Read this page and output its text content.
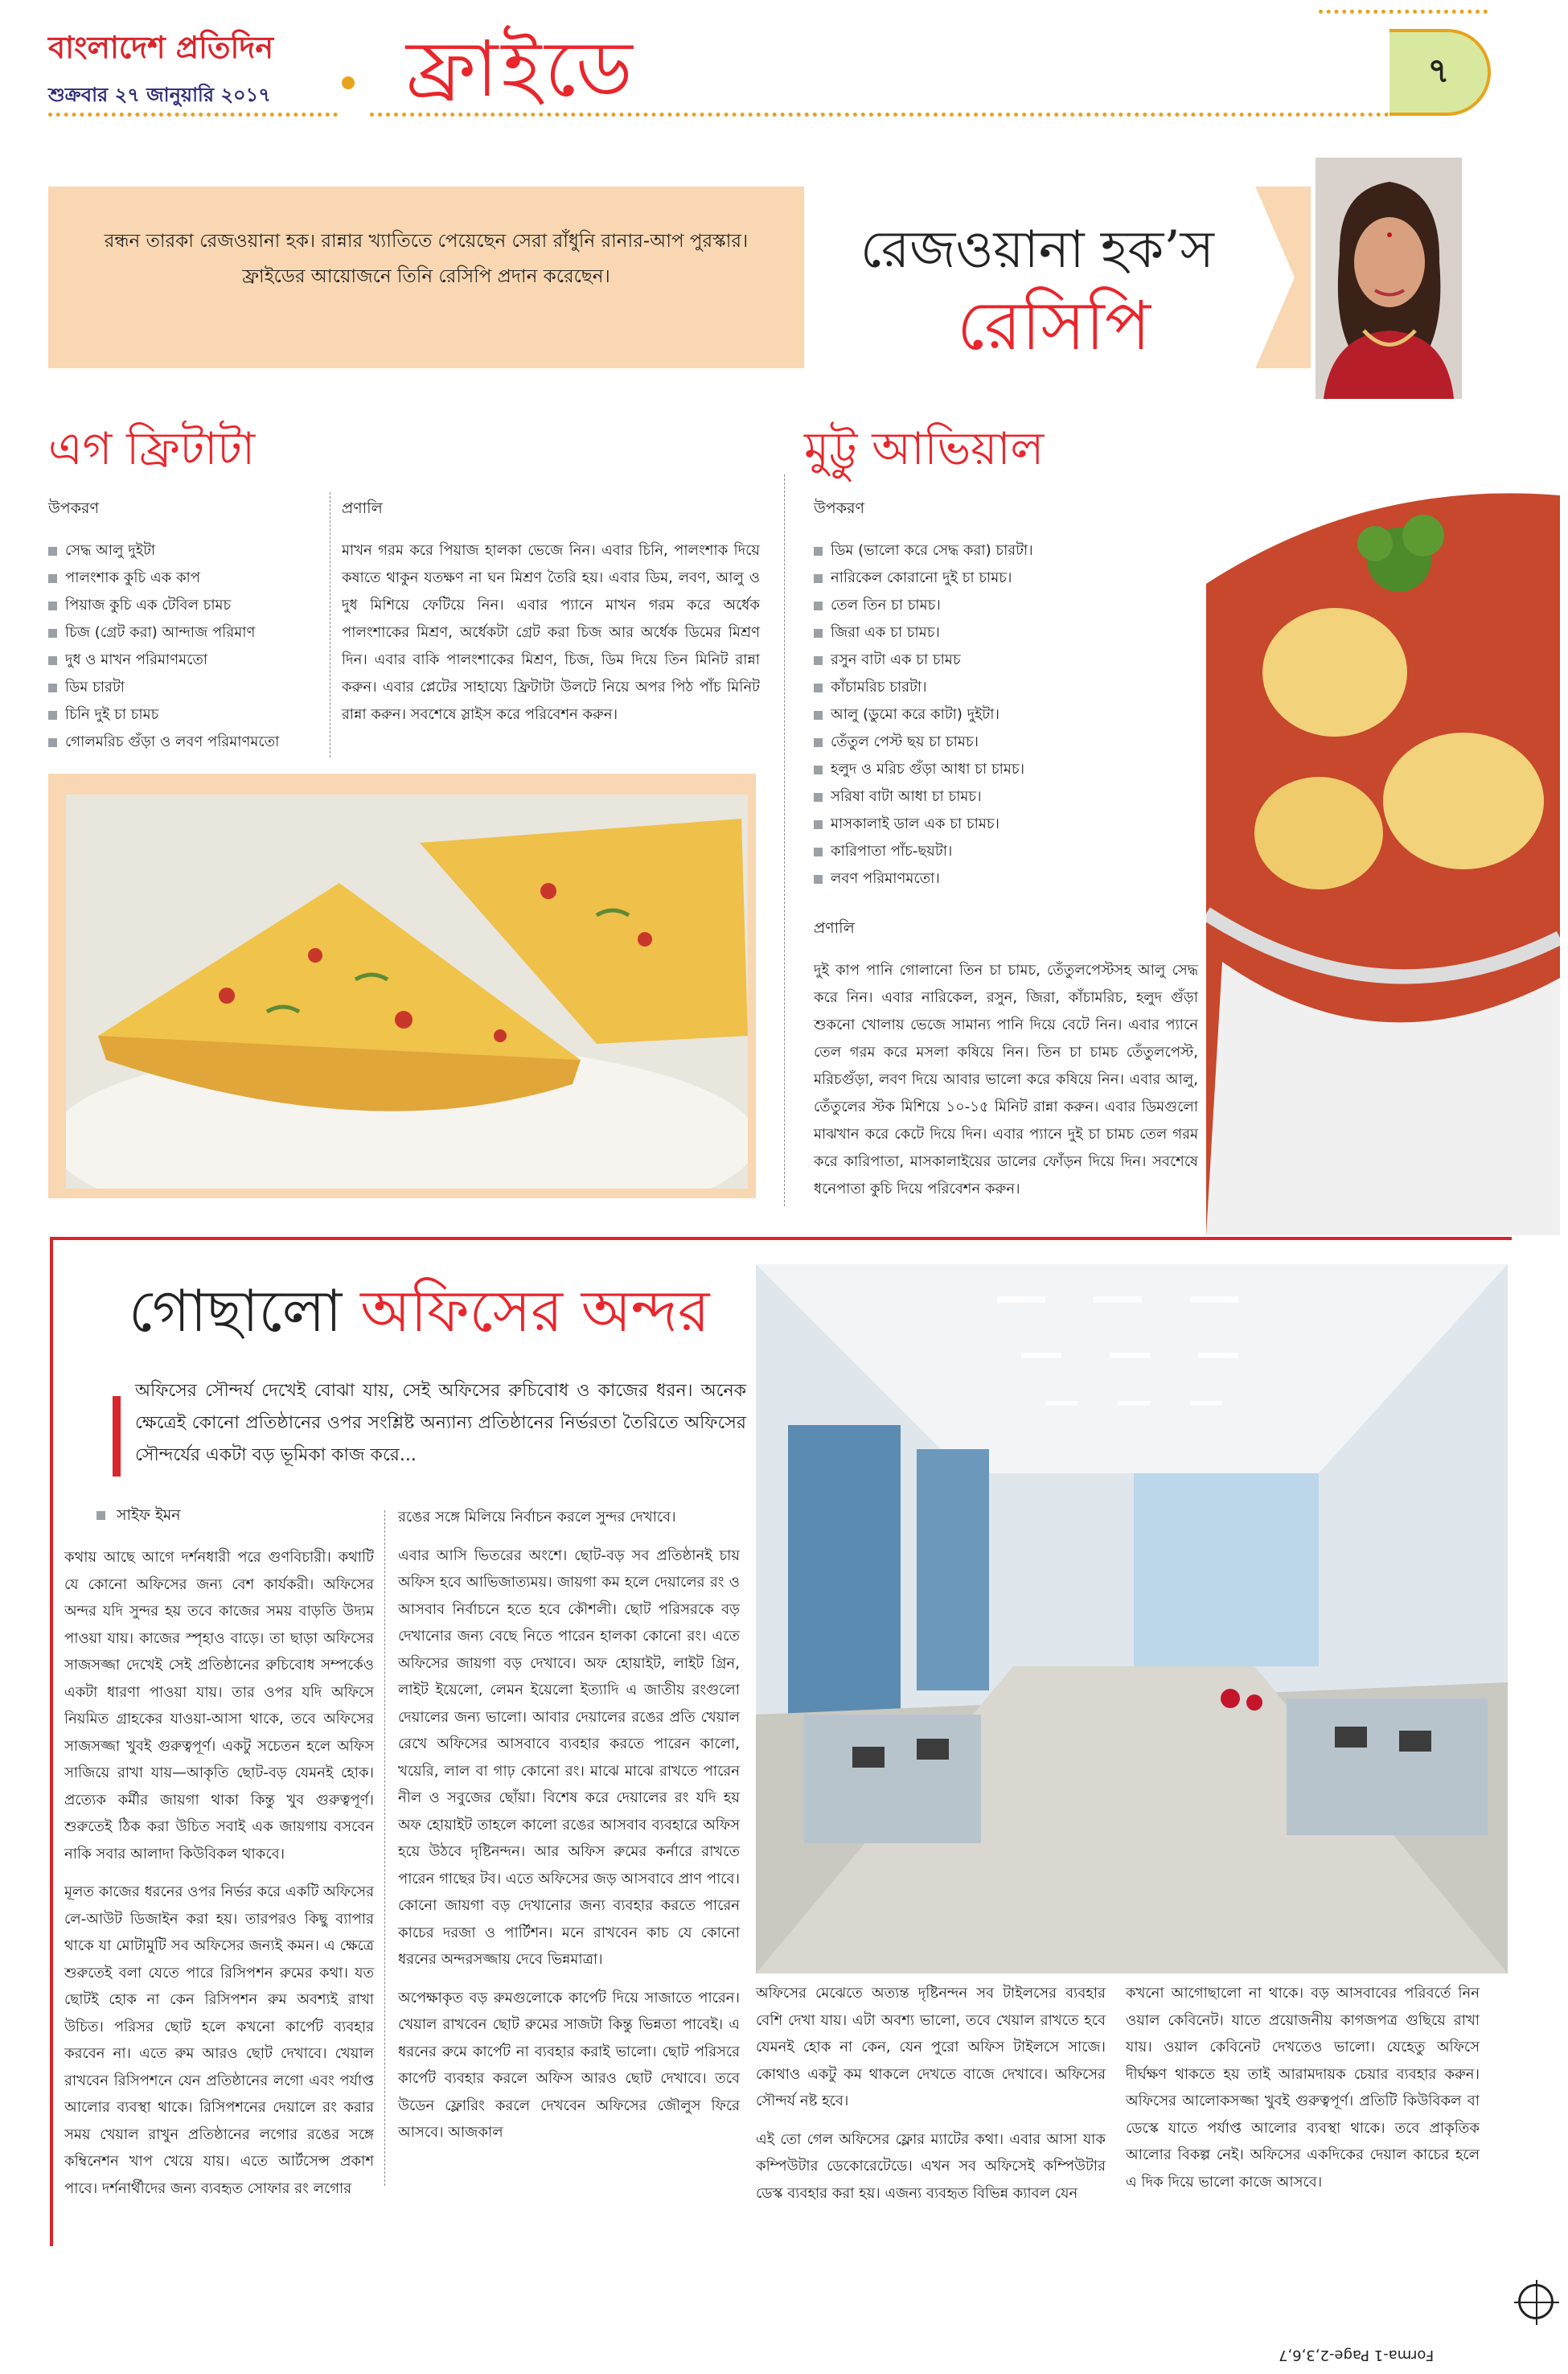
বাংলাদেশ প্রতিদিন
শুক্রবার ২৭ জানুয়ারি ২০১৭ ফ্রাইডে	৭
রন্ধন তারকা রেজওয়ানা হক। রান্নার খ্যাতিতে পেয়েছেন সেরা রাঁধুনি রানার-আপ পুরস্কার। ফ্রাইডের আয়োজনে তিনি রেসিপি প্রদান করেছেন।	রেজওয়ানা হক’স
রেসিপি
এগ ফ্রিটাটা
উপকরণ
সেদ্ধ আলু দুইটা
পালংশাক কুচি এক কাপ
পিয়াজ কুচি এক টেবিল চামচ
চিজ (গ্রেট করা) আন্দাজ পরিমাণ
দুধ ও মাখন পরিমাণমতো
ডিম চারটা
চিনি দুই চা চামচ
গোলমরিচ গুঁড়া ও লবণ পরিমাণমতো
প্রণালি
মাখন গরম করে পিয়াজ হালকা ভেজে নিন। এবার চিনি, পালংশাক দিয়ে কষাতে থাকুন যতক্ষণ না ঘন মিশ্রণ তৈরি হয়। এবার ডিম, লবণ, আলু ও দুধ মিশিয়ে ফেটিয়ে নিন। এবার প্যানে মাখন গরম করে অর্ধেক পালংশাকের মিশ্রণ, অর্ধেকটা গ্রেট করা চিজ আর অর্ধেক ডিমের মিশ্রণ দিন। এবার বাকি পালংশাকের মিশ্রণ, চিজ, ডিম দিয়ে তিন মিনিট রান্না করুন। এবার প্লেটের সাহায্যে ফ্রিটাটা উলটে নিয়ে অপর পিঠ পাঁচ মিনিট রান্না করুন। সবশেষে স্লাইস করে পরিবেশন করুন।
মুট্টু আভিয়াল
উপকরণ
ডিম (ভালো করে সেদ্ধ করা) চারটা।
নারিকেল কোরানো দুই চা চামচ।
তেল তিন চা চামচ।
জিরা এক চা চামচ।
রসুন বাটা এক চা চামচ
কাঁচামরিচ চারটা।
আলু (ডুমো করে কাটা) দুইটা।
তেঁতুল পেস্ট ছয় চা চামচ।
হলুদ ও মরিচ গুঁড়া আধা চা চামচ।
সরিষা বাটা আধা চা চামচ।
মাসকালাই ডাল এক চা চামচ।
কারিপাতা পাঁচ-ছয়টা।
লবণ পরিমাণমতো।
প্রণালি
দুই কাপ পানি গোলানো তিন চা চামচ, তেঁতুলপেস্টসহ আলু সেদ্ধ করে নিন। এবার নারিকেল, রসুন, জিরা, কাঁচামরিচ, হলুদ গুঁড়া শুকনো খোলায় ভেজে সামান্য পানি দিয়ে বেটে নিন। এবার প্যানে তেল গরম করে মসলা কষিয়ে নিন। তিন চা চামচ তেঁতুলপেস্ট, মরিচগুঁড়া, লবণ দিয়ে আবার ভালো করে কষিয়ে নিন। এবার আলু, তেঁতুলের স্টক মিশিয়ে ১০-১৫ মিনিট রান্না করুন। এবার ডিমগুলো মাঝখান করে কেটে দিয়ে দিন। এবার প্যানে দুই চা চামচ তেল গরম করে কারিপাতা, মাসকালাইয়ের ডালের ফোঁড়ন দিয়ে দিন। সবশেষে ধনেপাতা কুচি দিয়ে পরিবেশন করুন।
গোছালো অফিসের অন্দর
অফিসের সৌন্দর্য দেখেই বোঝা যায়, সেই অফিসের রুচিবোধ ও কাজের ধরন। অনেক ক্ষেত্রেই কোনো প্রতিষ্ঠানের ওপর সংশ্লিষ্ট অন্যান্য প্রতিষ্ঠানের নির্ভরতা তৈরিতে অফিসের সৌন্দর্যের একটা বড় ভূমিকা কাজ করে...
সাইফ ইমন

কথায় আছে আগে দর্শনধারী পরে গুণবিচারী। কথাটি যে কোনো অফিসের জন্য বেশ কার্যকরী। অফিসের অন্দর যদি সুন্দর হয় তবে কাজের সময় বাড়তি উদ্যম পাওয়া যায়। কাজের স্পৃহাও বাড়ে। তা ছাড়া অফিসের সাজসজ্জা দেখেই সেই প্রতিষ্ঠানের রুচিবোধ সম্পর্কেও একটা ধারণা পাওয়া যায়। তার ওপর যদি অফিসে নিয়মিত গ্রাহকের যাওয়া-আসা থাকে, তবে অফিসের সাজসজ্জা খুবই গুরুত্বপূর্ণ। একটু সচেতন হলে অফিস সাজিয়ে রাখা যায়—আকৃতি ছোট-বড় যেমনই হোক। প্রত্যেক কর্মীর জায়গা থাকা কিন্তু খুব গুরুত্বপূর্ণ। শুরুতেই ঠিক করা উচিত সবাই এক জায়গায় বসবেন নাকি সবার আলাদা কিউবিকল থাকবে।

মূলত কাজের ধরনের ওপর নির্ভর করে একটি অফিসের লে-আউট ডিজাইন করা হয়। তারপরও কিছু ব্যাপার থাকে যা মোটামুটি সব অফিসের জন্যই কমন। এ ক্ষেত্রে শুরুতেই বলা যেতে পারে রিসিপশন রুমের কথা। যত ছোটই হোক না কেন রিসিপশন রুম অবশ্যই রাখা উচিত। পরিসর ছোট হলে কখনো কার্পেট ব্যবহার করবেন না। এতে রুম আরও ছোট দেখাবে। খেয়াল রাখবেন রিসিপশনে যেন প্রতিষ্ঠানের লগো এবং পর্যাপ্ত আলোর ব্যবস্থা থাকে। রিসিপশনের দেয়ালে রং করার সময় খেয়াল রাখুন প্রতিষ্ঠানের লগোর রঙের সঙ্গে কম্বিনেশন খাপ খেয়ে যায়। এতে আর্টসেন্স প্রকাশ পাবে। দর্শনার্থীদের জন্য ব্যবহৃত সোফার রং লগোর

রঙের সঙ্গে মিলিয়ে নির্বাচন করলে সুন্দর দেখাবে।

এবার আসি ভিতরের অংশে। ছোট-বড় সব প্রতিষ্ঠানই চায় অফিস হবে আভিজাত্যময়। জায়গা কম হলে দেয়ালের রং ও আসবাব নির্বাচনে হতে হবে কৌশলী। ছোট পরিসরকে বড় দেখানোর জন্য বেছে নিতে পারেন হালকা কোনো রং। এতে অফিসের জায়গা বড় দেখাবে। অফ হোয়াইট, লাইট গ্রিন, লাইট ইয়েলো, লেমন ইয়েলো ইত্যাদি এ জাতীয় রংগুলো দেয়ালের জন্য ভালো। আবার দেয়ালের রঙের প্রতি খেয়াল রেখে অফিসের আসবাবে ব্যবহার করতে পারেন কালো, খয়েরি, লাল বা গাঢ় কোনো রং। মাঝে মাঝে রাখতে পারেন নীল ও সবুজের ছোঁয়া। বিশেষ করে দেয়ালের রং যদি হয় অফ হোয়াইট তাহলে কালো রঙের আসবাব ব্যবহারে অফিস হয়ে উঠবে দৃষ্টিনন্দন। আর অফিস রুমের কর্নারে রাখতে পারেন গাছের টব। এতে অফিসের জড় আসবাবে প্রাণ পাবে। কোনো জায়গা বড় দেখানোর জন্য ব্যবহার করতে পারেন কাচের দরজা ও পার্টিশন। মনে রাখবেন কাচ যে কোনো ধরনের অন্দরসজ্জায় দেবে ভিন্নমাত্রা।

অপেক্ষাকৃত বড় রুমগুলোকে কার্পেট দিয়ে সাজাতে পারেন। খেয়াল রাখবেন ছোট রুমের সাজটা কিন্তু ভিন্নতা পাবেই। এ ধরনের রুমে কার্পেট না ব্যবহার করাই ভালো। ছোট পরিসরে কার্পেট ব্যবহার করলে অফিস আরও ছোট দেখাবে। তবে উডেন ফ্লোরিং করলে দেখবেন অফিসের জৌলুস ফিরে আসবে। আজকাল

অফিসের মেঝেতে অত্যন্ত দৃষ্টিনন্দন সব টাইলসের ব্যবহার বেশি দেখা যায়। এটা অবশ্য ভালো, তবে খেয়াল রাখতে হবে যেমনই হোক না কেন, যেন পুরো অফিস টাইলসে সাজে। কোথাও একটু কম থাকলে দেখতে বাজে দেখাবে। অফিসের সৌন্দর্য নষ্ট হবে।

এই তো গেল অফিসের ফ্লোর ম্যাটের কথা। এবার আসা যাক কম্পিউটার ডেকোরেটেডে। এখন সব অফিসেই কম্পিউটার ডেস্ক ব্যবহার করা হয়। এজন্য ব্যবহৃত বিভিন্ন ক্যাবল যেন

কখনো আগোছালো না থাকে। বড় আসবাবের পরিবর্তে নিন ওয়াল কেবিনেট। যাতে প্রয়োজনীয় কাগজপত্র গুছিয়ে রাখা যায়। ওয়াল কেবিনেট দেখতেও ভালো। যেহেতু অফিসে দীর্ঘক্ষণ থাকতে হয় তাই আরামদায়ক চেয়ার ব্যবহার করুন। অফিসের আলোকসজ্জা খুবই গুরুত্বপূর্ণ। প্রতিটি কিউবিকল বা ডেস্কে যাতে পর্যাপ্ত আলোর ব্যবস্থা থাকে। তবে প্রাকৃতিক আলোর বিকল্প নেই। অফিসের একদিকের দেয়াল কাচের হলে এ দিক দিয়ে ভালো কাজে আসবে।

Forma-1 Page-2,3,6,7
